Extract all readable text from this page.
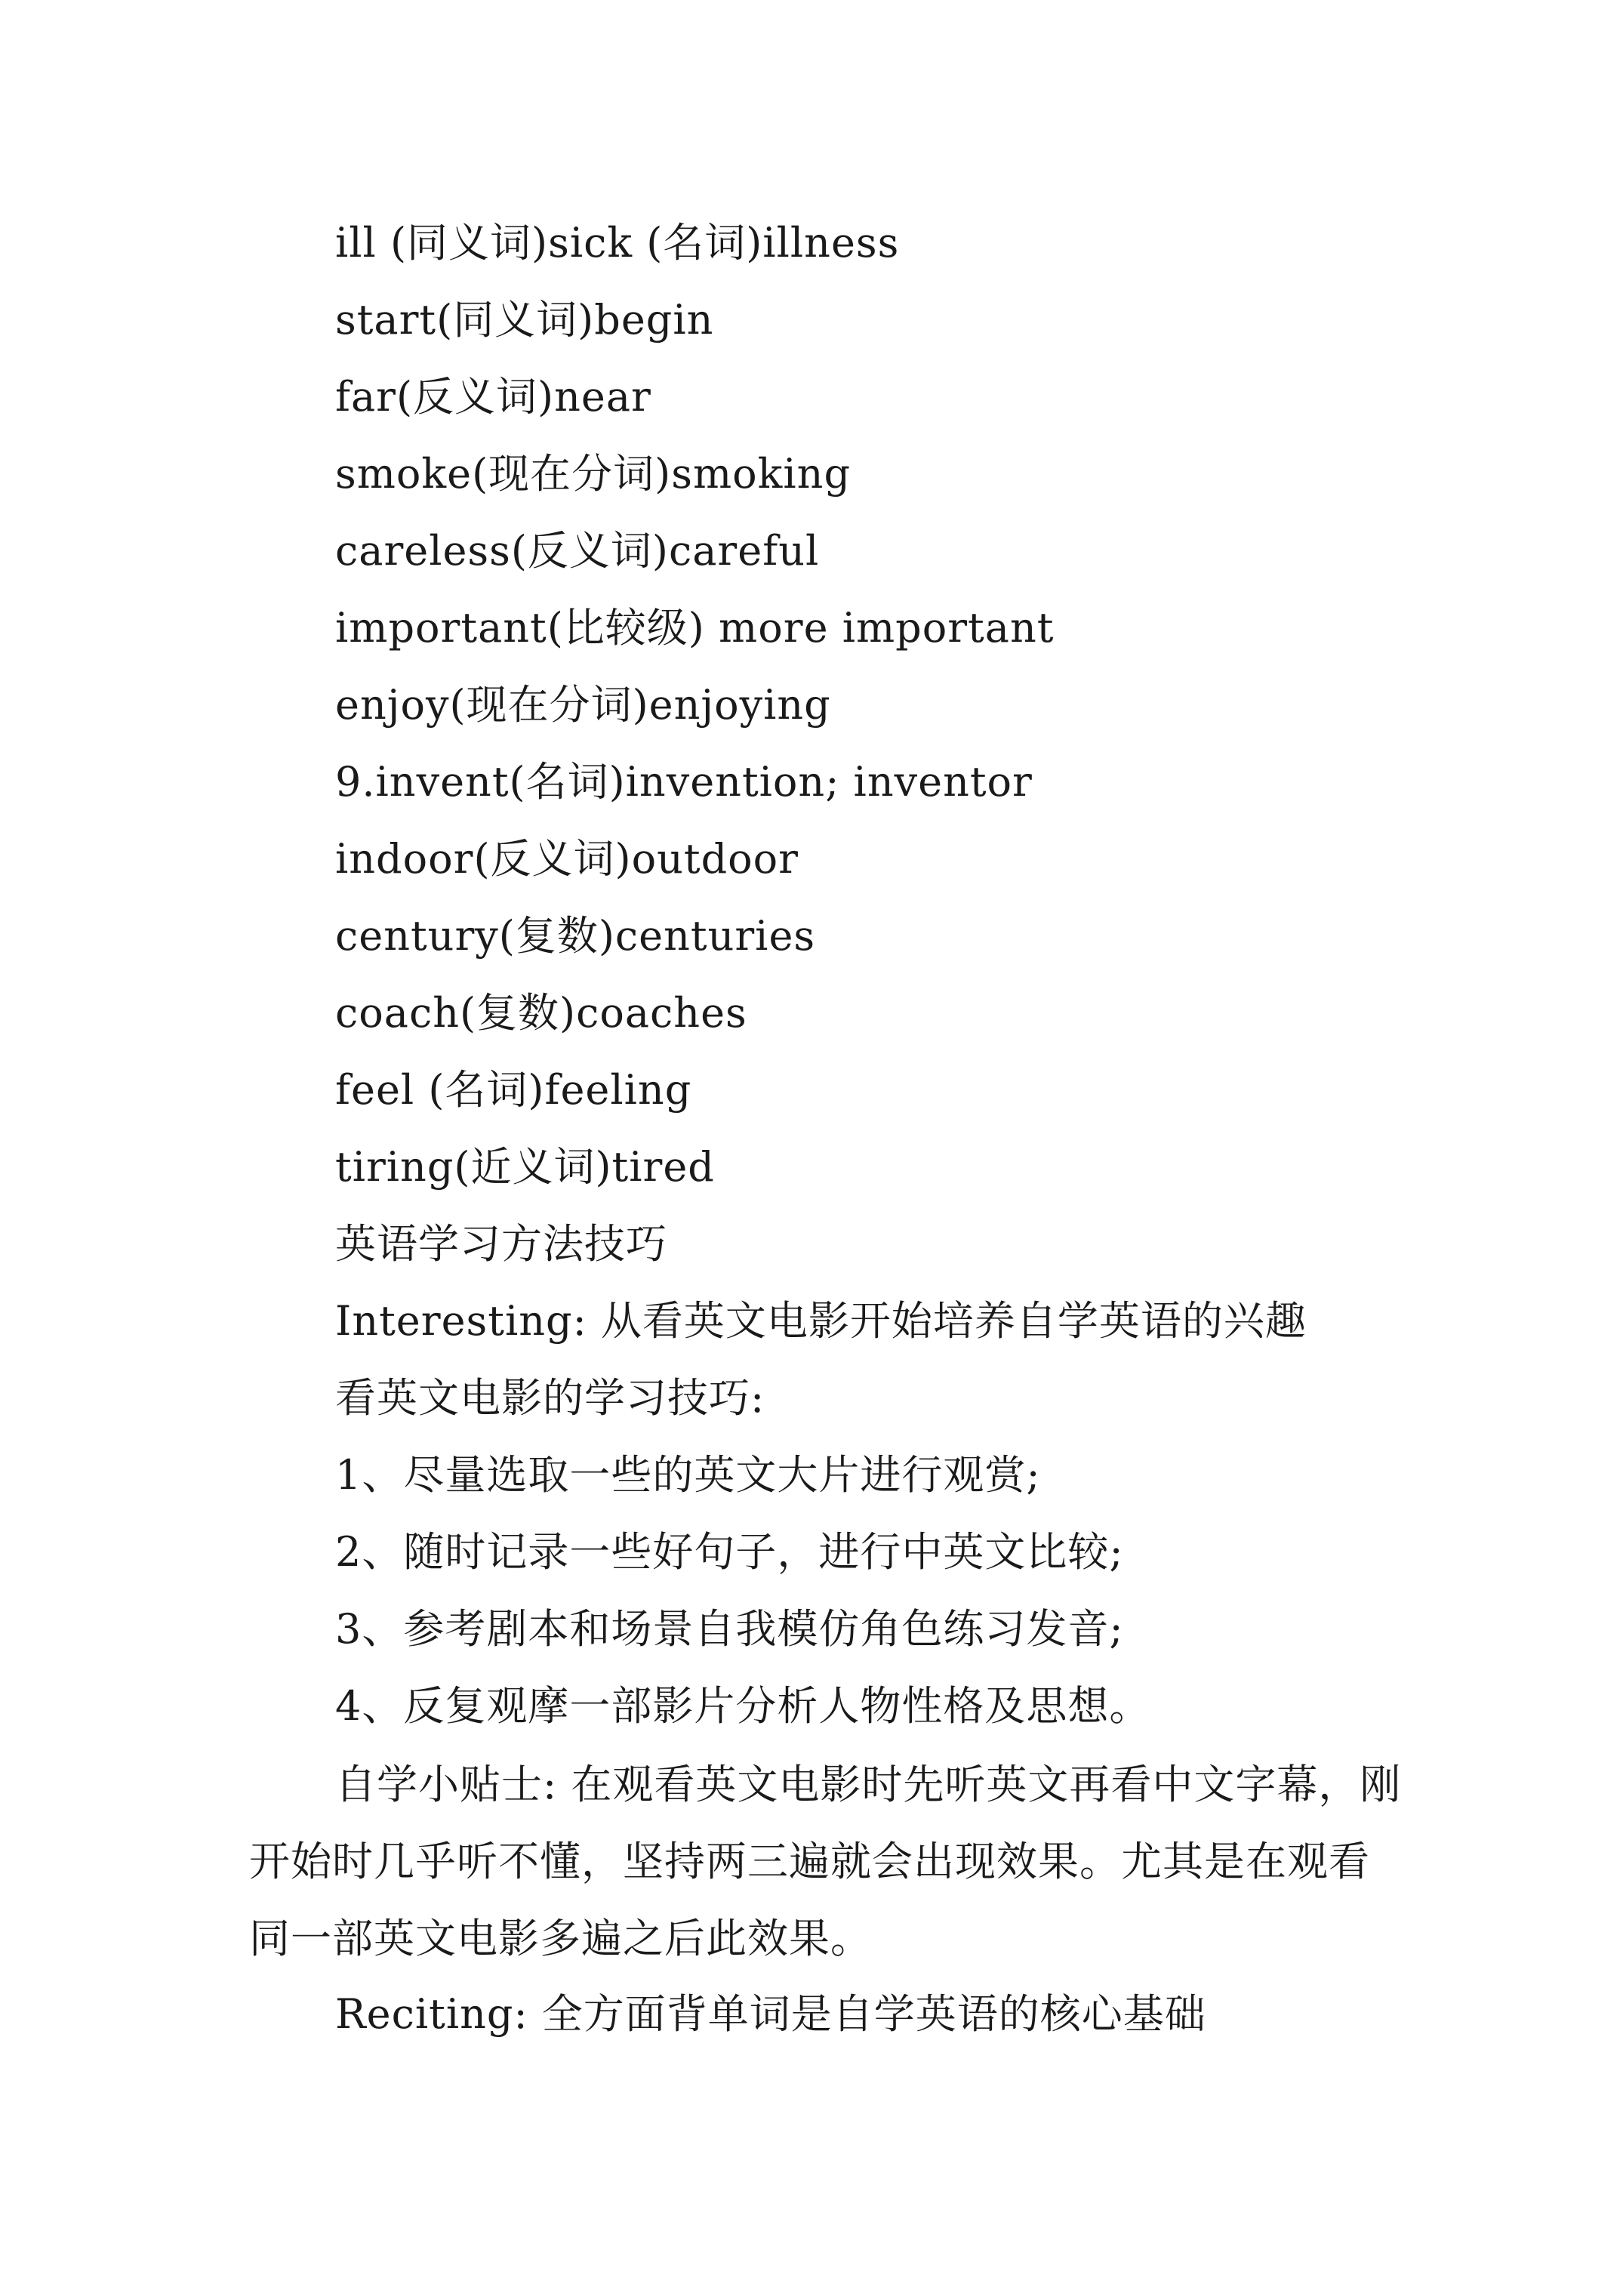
ill (同义词)sick (名词)illness
start(同义词)begin
far(反义词)near
smoke(现在分词)smoking
careless(反义词)careful
important(比较级) more important
enjoy(现在分词)enjoying
9.invent(名词)invention; inventor
indoor(反义词)outdoor
century(复数)centuries
coach(复数)coaches
feel (名词)feeling
tiring(近义词)tired
英语学习方法技巧
Interesting: 从看英文电影开始培养自学英语的兴趣
看英文电影的学习技巧:
1、尽量选取一些的英文大片进行观赏;
2、随时记录一些好句子，进行中英文比较;
3、参考剧本和场景自我模仿角色练习发音;
4、反复观摩一部影片分析人物性格及思想。
自学小贴士: 在观看英文电影时先听英文再看中文字幕，刚开始时几乎听不懂，坚持两三遍就会出现效果。尤其是在观看同一部英文电影多遍之后此效果。
Reciting: 全方面背单词是自学英语的核心基础
